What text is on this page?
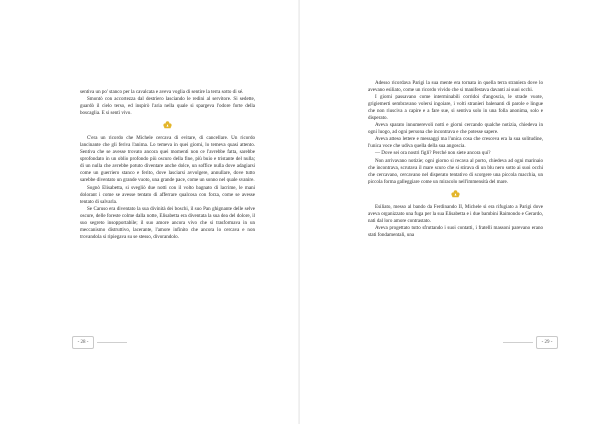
sentiva un po' stanco per la cavalcata e aveva voglia di sentire la terra sotto di sé.

Smontò con accortezza dal destriero lasciando le redini al servitore. Si sedette, guardò il cielo terso, ed inspirò l'aria nella quale si spargeva l'odore forte della boscaglia. E si sentì vivo.

C'era un ricordo che Michele cercava di evitare, di cancellare. Un ricordo lancinante che gli feriva l'anima. Lo temeva in quei giorni, lo temeva quasi attento. Sentiva che se avesse trovato ancora quei momenti non ce l'avrebbe fatta, sarebbe sprofondato in un oblio profondo più oscuro della fine, più buio e tristante del nulla; di un nulla che avrebbe potuto diventare anche dolce, un soffice nulla dove adagiarsi come un guerriero stanco e ferito, dove lasciarsi avvolgere, annullare, dove tutto sarebbe diventato un grande vuoto, una grande pace, come un sonno nel quale svanire.

Sognò Elisabetta, si svegliò due notti con il volto bagnato di lacrime, le mani dolorant i come se avesse tentato di afferrare qualcosa con forza, come se avesse tentato di salvarla.

Se Caruso era diventato la sua divinità dei boschi, il suo Pan ghignante delle selve oscure, delle foreste colme dalla notte, Elisabetta era diventata la sua dea del dolore, il suo segreto insopportabile; il suo amore ancora vivo che si trasformava in un meccanismo distruttivo, lacerante, l'amore infinito che ancora lo cercava e non trovandola si ripiegava su se stesso, divorandolo.

- 28 -

Adesso ricordava Parigi la sua mente era tornata in quella terra straniera dove lo avevano esiliato, come un ricordo vivido che si manifestava davanti ai suoi occhi.

I giorni passavano come interminabili corridoi d'angoscia, le strade vuote, grigiemerti sembravano volersi ingoiare, i volti stranieri balenanti di parole e lingue che non riusciva a capire e a fare sue, si sentiva solo in una folla anonima, solo e disperato.

Aveva sparato innumerevoli notti e giorni cercando qualche notizia, chiedeva in ogni luogo, ad ogni persona che incontrava e che potesse sapere.

Aveva atteso lettere e messaggi ma l'unica cosa che cresceva era la sua solitudine, l'unica voce che udiva quella della sua angoscia.

— Dove sei ora nostri figli? Perché non siete ancora qui?

Non arrivavano notizie; ogni giorno si recava al porto, chiedeva ad ogni marinaio che incontrava, scrutava il mare scuro che si stirava di un blu nero sotto ai suoi occhi che cercavano, cercavano nel disperato tentativo di scorgere una piccola macchia, un piccola forma galleggiare come un miracolo nell'immensità del mare.

Esiliato, messo al bando da Ferdinando II, Michele si era rifugiato a Parigi dove aveva organizzato una fuga per la sua Elisabetta e i due bambini Raimondo e Gerardo, nati dal loro amore contrastato.

Aveva progettato tutto sfruttando i suoi contatti, i fratelli massoni parevano erano stati fondamentali, una

- 29 -
